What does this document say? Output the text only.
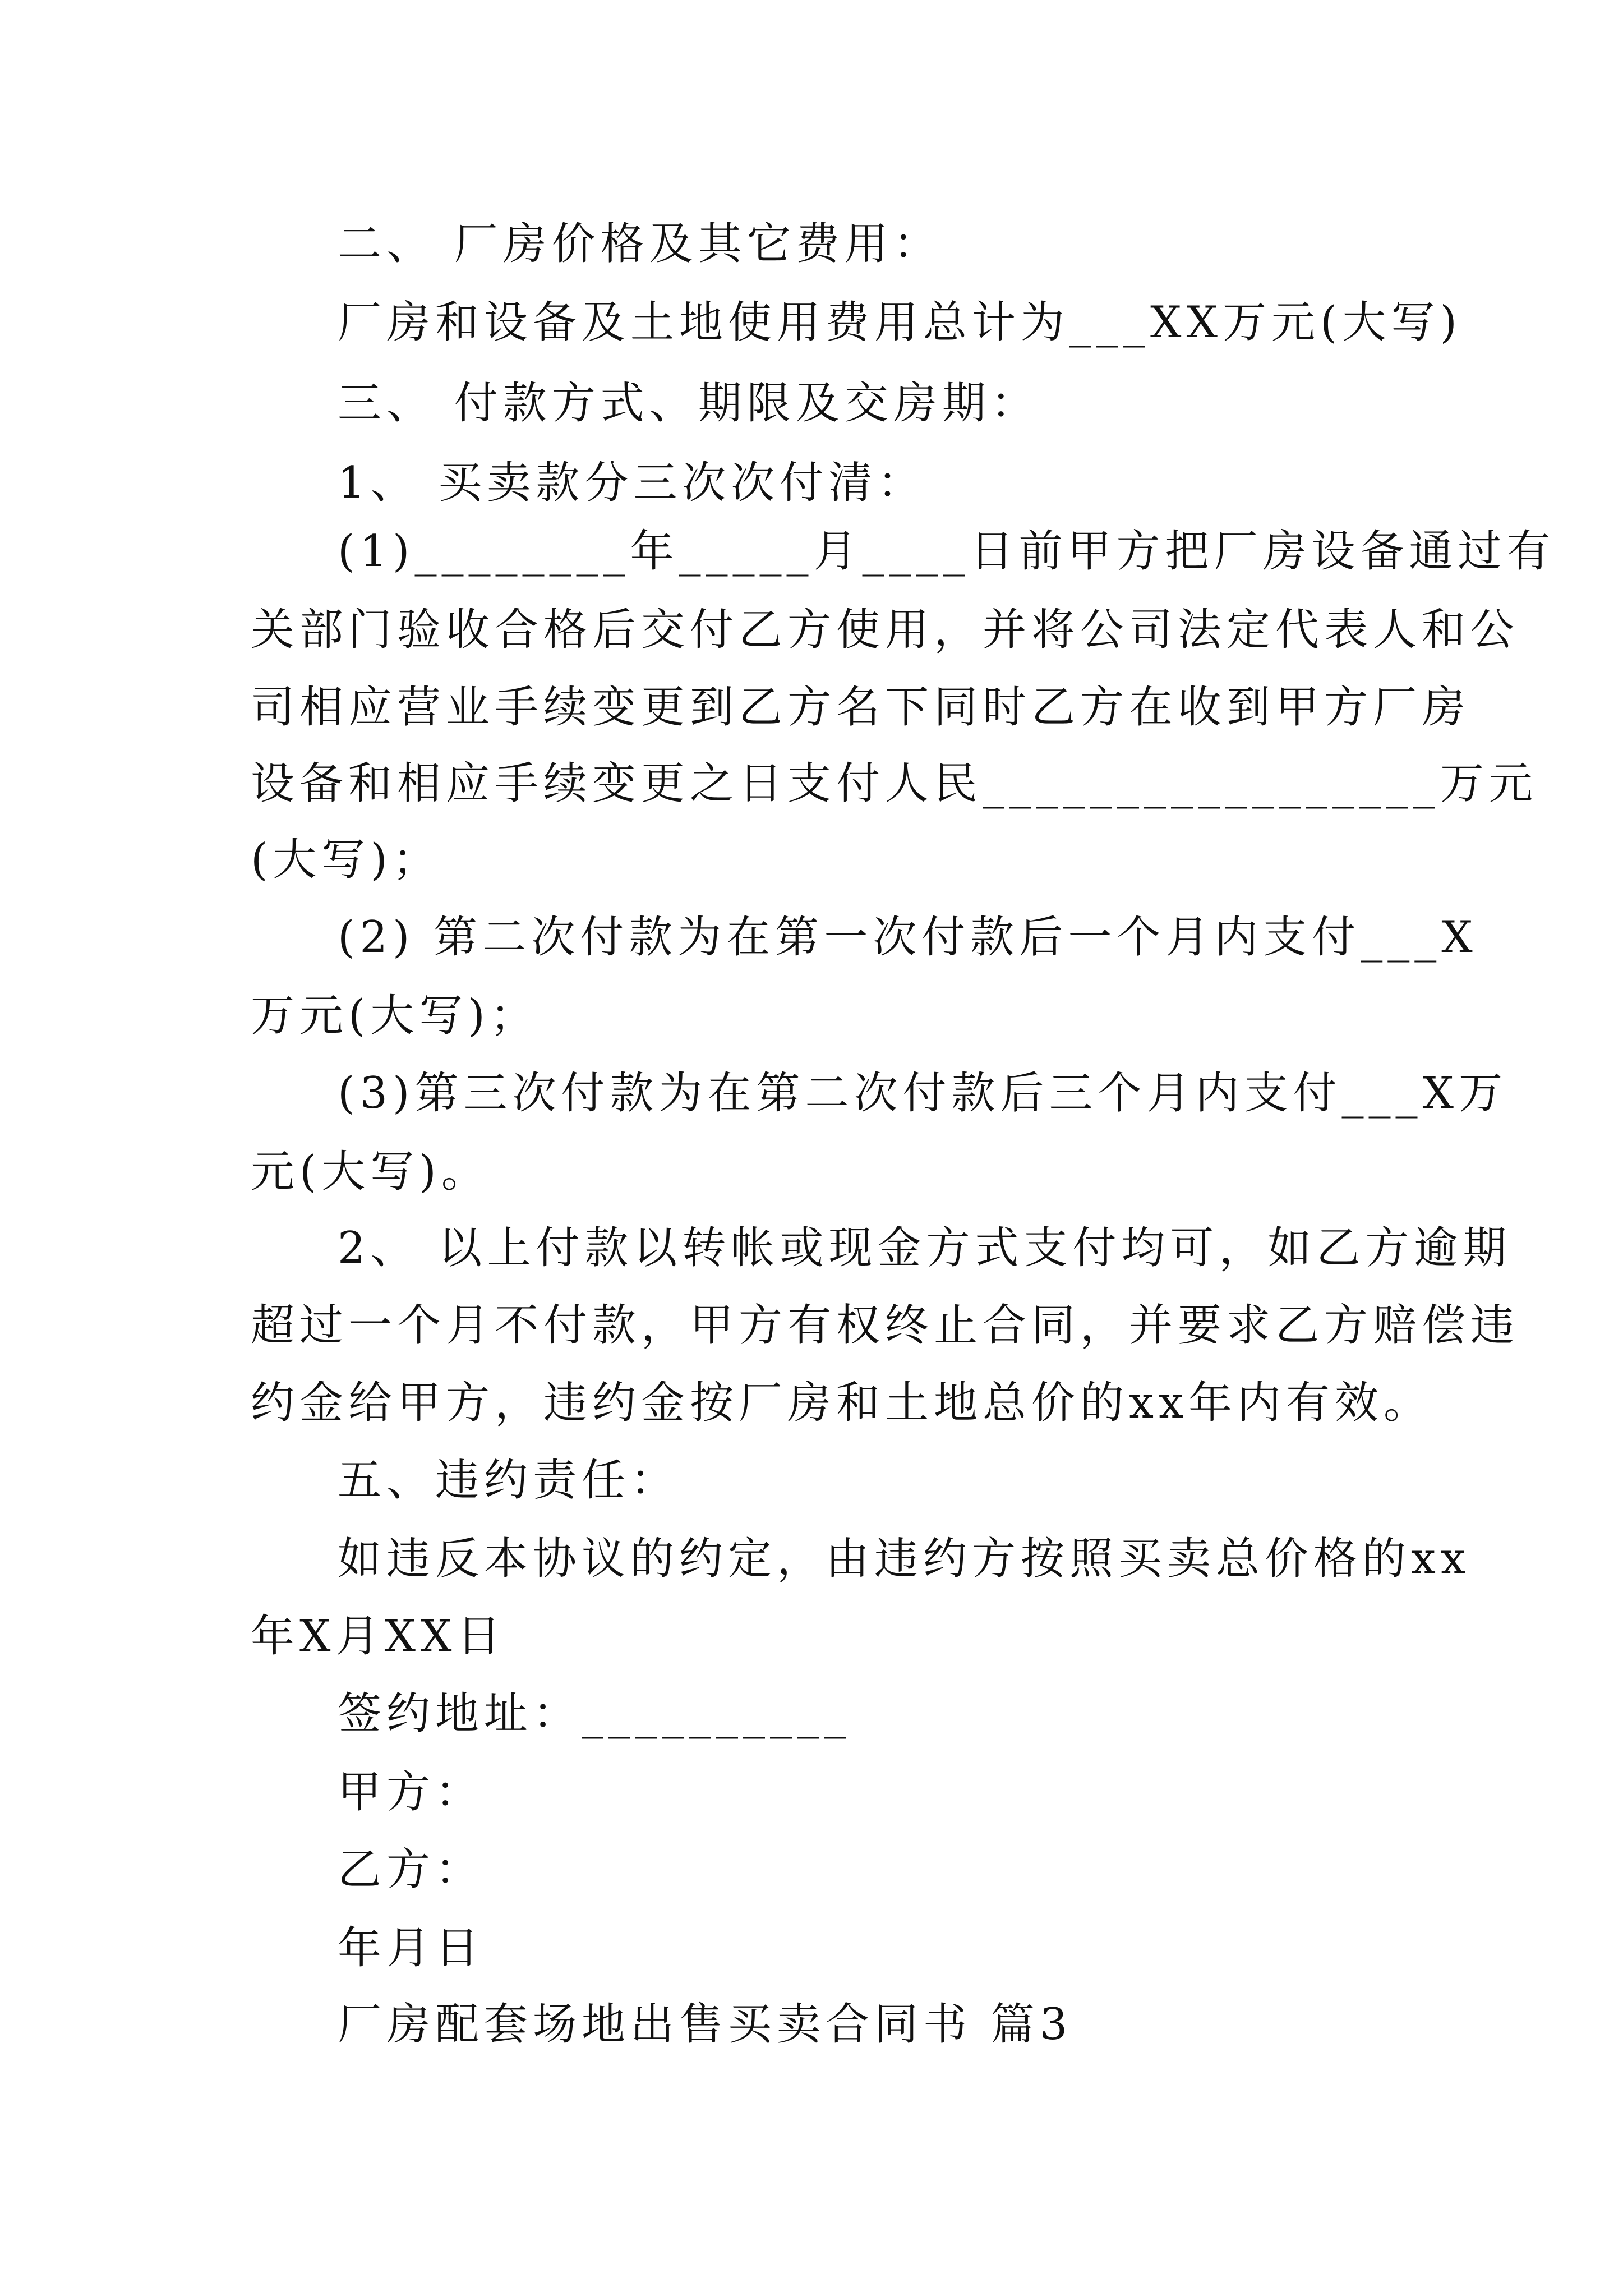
二、 厂房价格及其它费用：
厂房和设备及土地使用费用总计为___XX万元(大写)
三、 付款方式、期限及交房期：
1、 买卖款分三次次付清：
(1)________年_____月____日前甲方把厂房设备通过有
关部门验收合格后交付乙方使用，并将公司法定代表人和公
司相应营业手续变更到乙方名下同时乙方在收到甲方厂房
设备和相应手续变更之日支付人民_________________万元
(大写)；
(2) 第二次付款为在第一次付款后一个月内支付___X
万元(大写)；
(3)第三次付款为在第二次付款后三个月内支付___X万
元(大写)。
2、 以上付款以转帐或现金方式支付均可，如乙方逾期
超过一个月不付款，甲方有权终止合同，并要求乙方赔偿违
约金给甲方，违约金按厂房和土地总价的xx年内有效。
五、违约责任：
如违反本协议的约定，由违约方按照买卖总价格的xx
年X月XX日
签约地址：__________
甲方：
乙方：
年月日
厂房配套场地出售买卖合同书 篇3
